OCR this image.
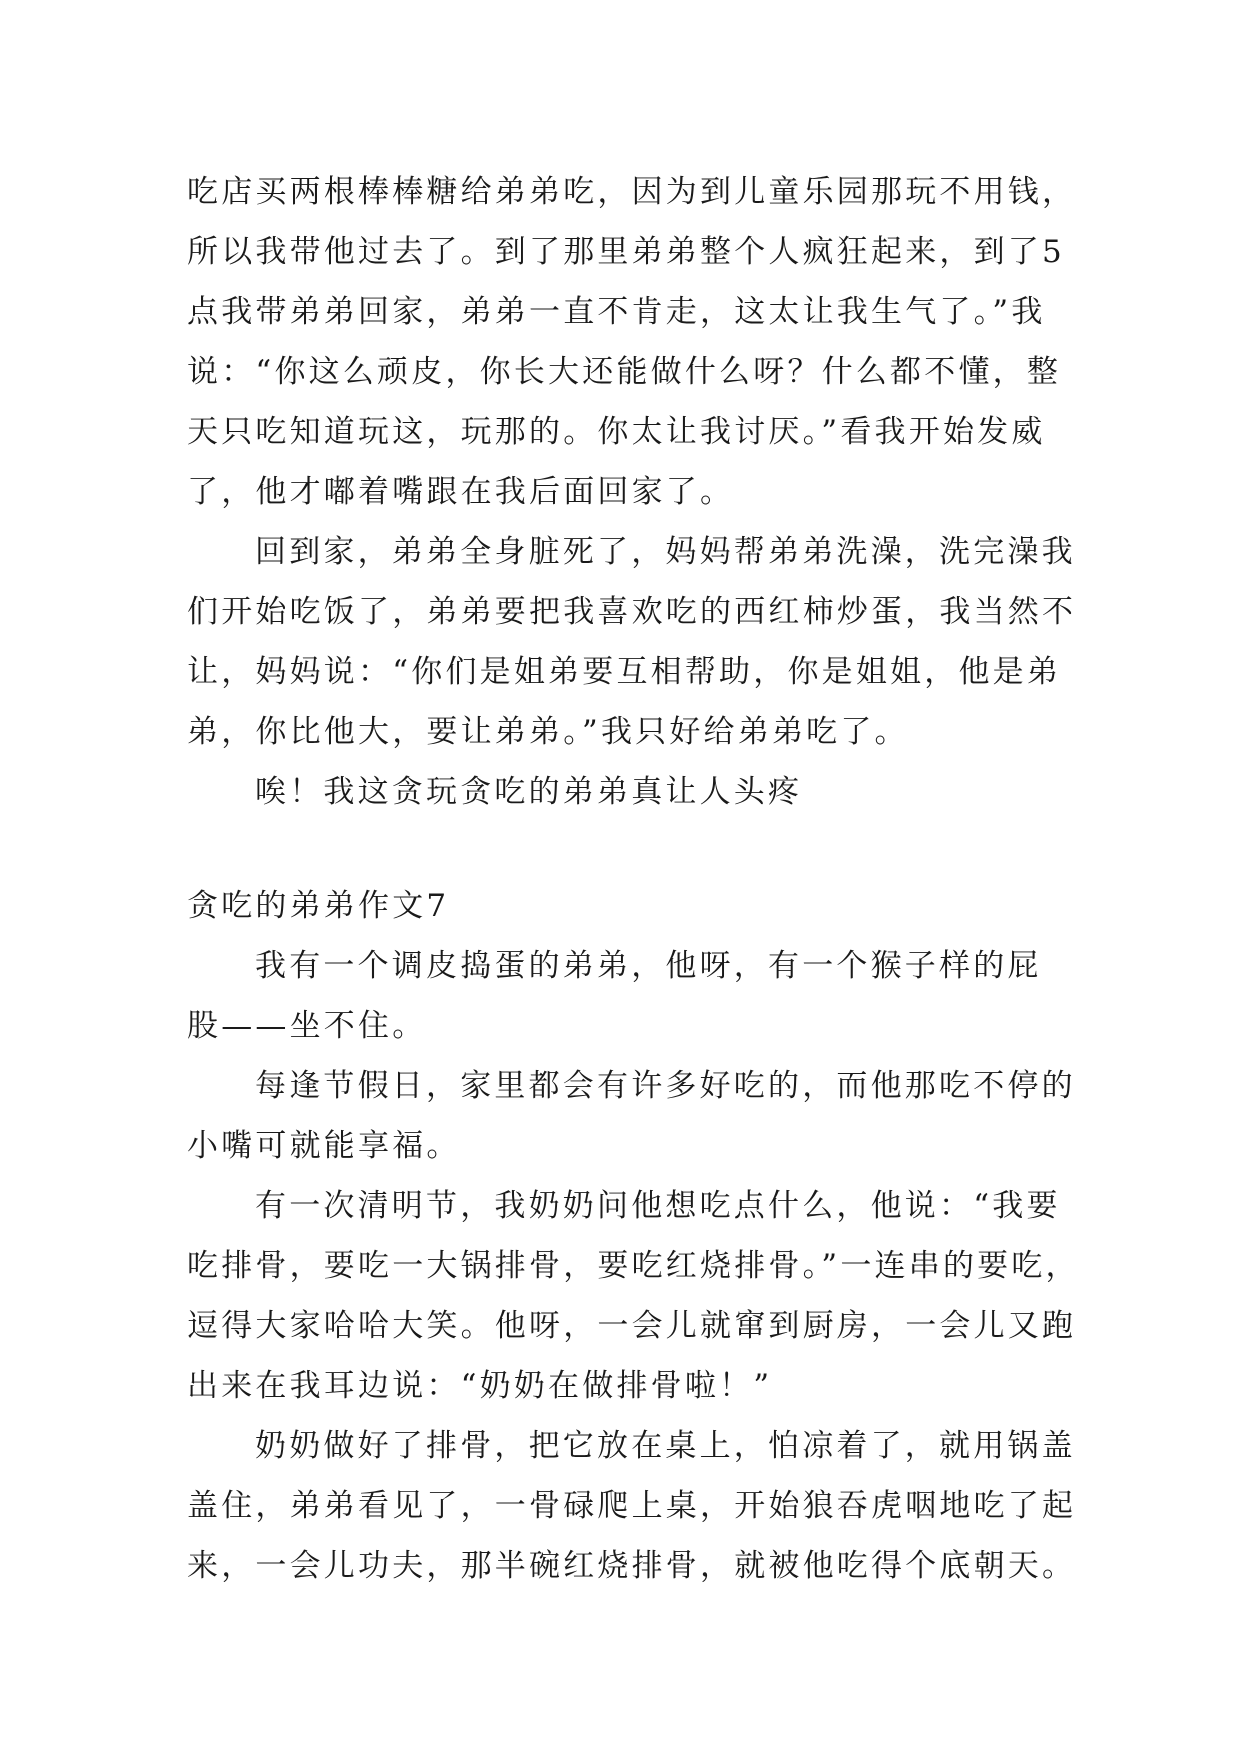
吃店买两根棒棒糖给弟弟吃，因为到儿童乐园那玩不用钱，
所以我带他过去了。到了那里弟弟整个人疯狂起来，到了5
点我带弟弟回家，弟弟一直不肯走，这太让我生气了。”我
说：“你这么顽皮，你长大还能做什么呀？什么都不懂，整
天只吃知道玩这，玩那的。你太让我讨厌。”看我开始发威
了，他才嘟着嘴跟在我后面回家了。
回到家，弟弟全身脏死了，妈妈帮弟弟洗澡，洗完澡我
们开始吃饭了，弟弟要把我喜欢吃的西红柿炒蛋，我当然不
让，妈妈说：“你们是姐弟要互相帮助，你是姐姐，他是弟
弟，你比他大，要让弟弟。”我只好给弟弟吃了。
唉！我这贪玩贪吃的弟弟真让人头疼
贪吃的弟弟作文7
我有一个调皮捣蛋的弟弟，他呀，有一个猴子样的屁
股——坐不住。
每逢节假日，家里都会有许多好吃的，而他那吃不停的
小嘴可就能享福。
有一次清明节，我奶奶问他想吃点什么，他说：“我要
吃排骨，要吃一大锅排骨，要吃红烧排骨。”一连串的要吃，
逗得大家哈哈大笑。他呀，一会儿就窜到厨房，一会儿又跑
出来在我耳边说：“奶奶在做排骨啦！”
奶奶做好了排骨，把它放在桌上，怕凉着了，就用锅盖
盖住，弟弟看见了，一骨碌爬上桌，开始狼吞虎咽地吃了起
来，一会儿功夫，那半碗红烧排骨，就被他吃得个底朝天。
